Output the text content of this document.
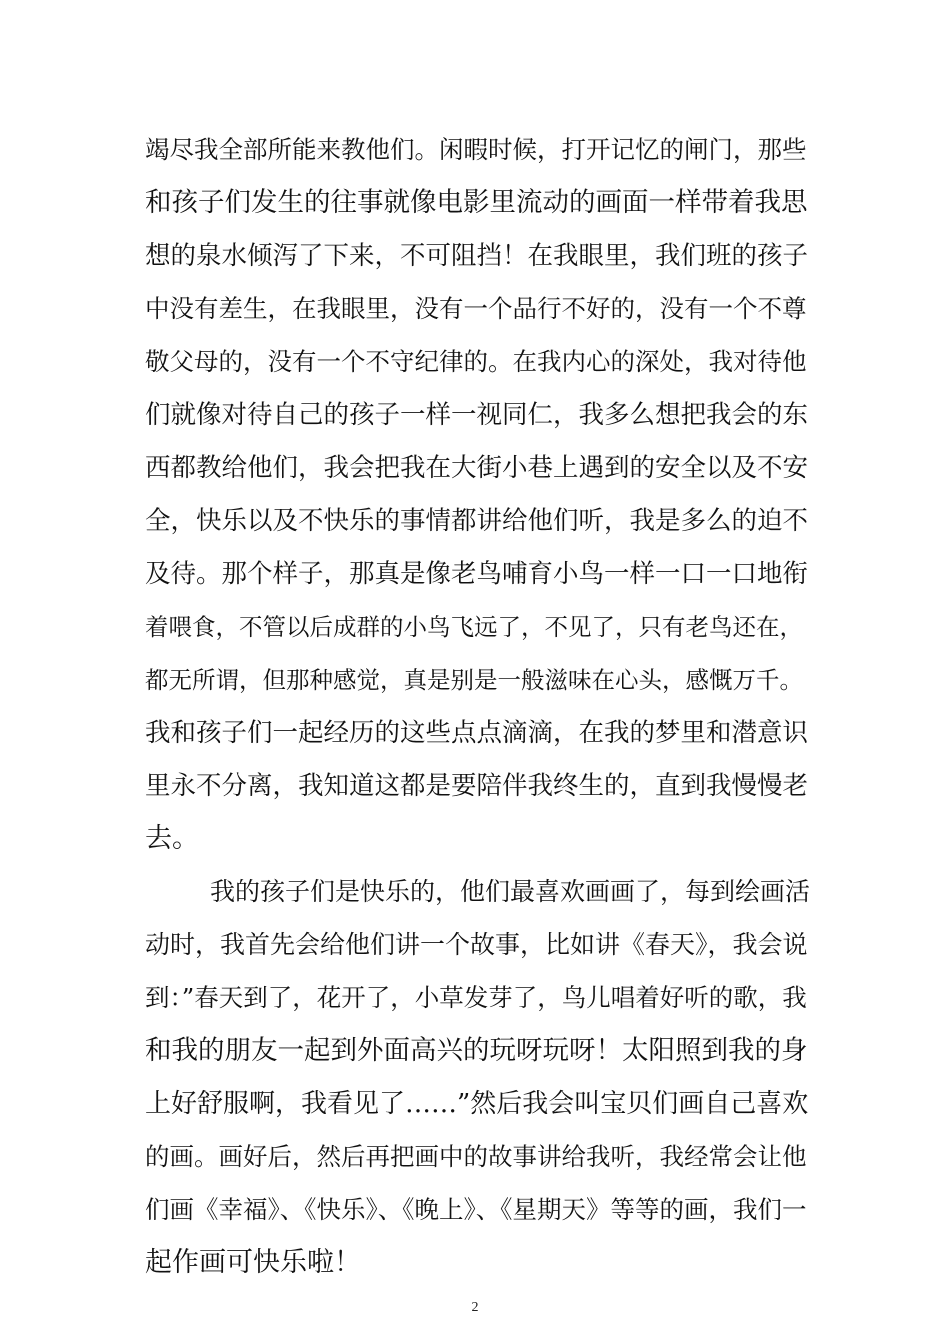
竭尽我全部所能来教他们。闲暇时候，打开记忆的闸门，那些
和孩子们发生的往事就像电影里流动的画面一样带着我思
想的泉水倾泻了下来，不可阻挡！在我眼里，我们班的孩子
中没有差生，在我眼里，没有一个品行不好的，没有一个不尊
敬父母的，没有一个不守纪律的。在我内心的深处，我对待他
们就像对待自己的孩子一样一视同仁，我多么想把我会的东
西都教给他们，我会把我在大街小巷上遇到的安全以及不安
全，快乐以及不快乐的事情都讲给他们听，我是多么的迫不
及待。那个样子，那真是像老鸟哺育小鸟一样一口一口地衔
着喂食，不管以后成群的小鸟飞远了，不见了，只有老鸟还在，
都无所谓，但那种感觉，真是别是一般滋味在心头，感慨万千。
我和孩子们一起经历的这些点点滴滴，在我的梦里和潜意识
里永不分离，我知道这都是要陪伴我终生的，直到我慢慢老
去。
我的孩子们是快乐的，他们最喜欢画画了，每到绘画活
动时，我首先会给他们讲一个故事，比如讲《春天》，我会说
到：”春天到了，花开了，小草发芽了，鸟儿唱着好听的歌，我
和我的朋友一起到外面高兴的玩呀玩呀！太阳照到我的身
上好舒服啊，我看见了……”然后我会叫宝贝们画自己喜欢
的画。画好后，然后再把画中的故事讲给我听，我经常会让他
们画《幸福》、《快乐》、《晚上》、《星期天》等等的画，我们一
起作画可快乐啦！
2
